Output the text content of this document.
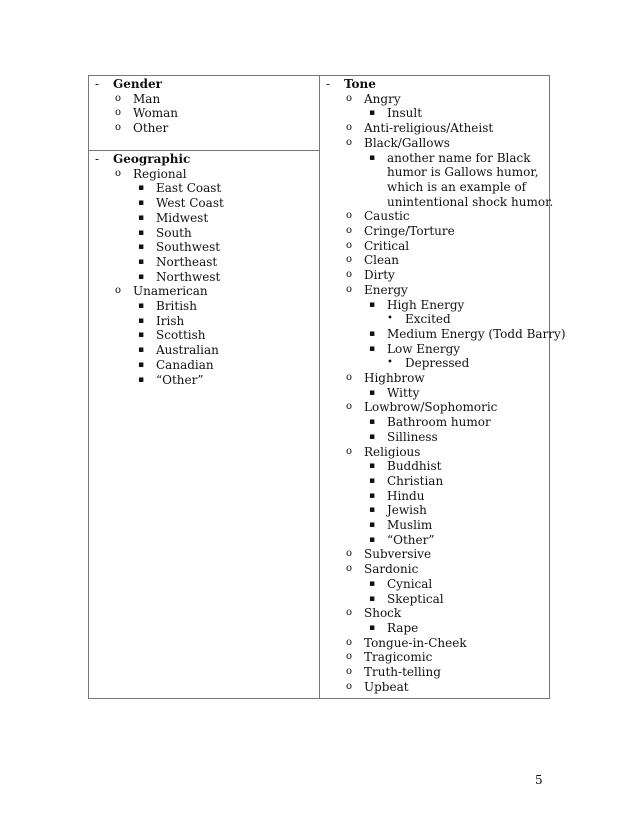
- Gender
o Man
o Woman
o Other
- Geographic
o Regional
▪ East Coast
▪ West Coast
▪ Midwest
▪ South
▪ Southwest
▪ Northeast
▪ Northwest
o Unamerican
▪ British
▪ Irish
▪ Scottish
▪ Australian
▪ Canadian
▪ “Other”
- Tone
o Angry
▪ Insult
o Anti-religious/Atheist
o Black/Gallows
▪ another name for Black
humor is Gallows humor,
which is an example of
unintentional shock humor.
o Caustic
o Cringe/Torture
o Critical
o Clean
o Dirty
o Energy
▪ High Energy
• Excited
▪ Medium Energy (Todd Barry)
▪ Low Energy
• Depressed
o Highbrow
▪ Witty
o Lowbrow/Sophomoric
▪ Bathroom humor
▪ Silliness
o Religious
▪ Buddhist
▪ Christian
▪ Hindu
▪ Jewish
▪ Muslim
▪ “Other”
o Subversive
o Sardonic
▪ Cynical
▪ Skeptical
o Shock
▪ Rape
o Tongue-in-Cheek
o Tragicomic
o Truth-telling
o Upbeat
5
